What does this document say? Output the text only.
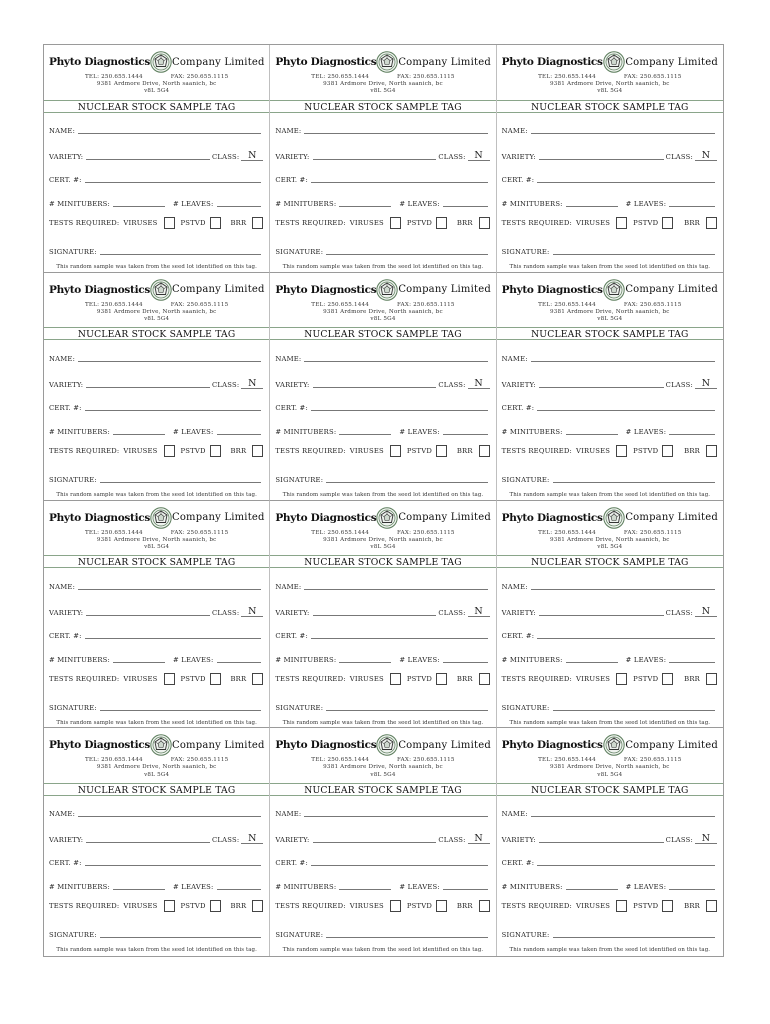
Phyto Diagnostics Company Limited
TEL: 250.655.1444	FAX: 250.655.1115
9381 Ardmore Drive, North saanich, bc
v8L 5G4
NUCLEAR STOCK SAMPLE TAG
NAME:
VARIETY:	CLASS: N
CERT. #:
# MINITUBERS:	# LEAVES:
TESTS REQUIRED: VIRUSES	PSTVD	BRR
SIGNATURE:
This random sample was taken from the seed lot identified on this tag.
Phyto Diagnostics Company Limited
TEL: 250.655.1444	FAX: 250.655.1115
9381 Ardmore Drive, North saanich, bc
v8L 5G4
NUCLEAR STOCK SAMPLE TAG
NAME:
VARIETY:	CLASS: N
CERT. #:
# MINITUBERS:	# LEAVES:
TESTS REQUIRED: VIRUSES	PSTVD	BRR
SIGNATURE:
This random sample was taken from the seed lot identified on this tag.
Phyto Diagnostics Company Limited
TEL: 250.655.1444	FAX: 250.655.1115
9381 Ardmore Drive, North saanich, bc
v8L 5G4
NUCLEAR STOCK SAMPLE TAG
NAME:
VARIETY:	CLASS: N
CERT. #:
# MINITUBERS:	# LEAVES:
TESTS REQUIRED: VIRUSES	PSTVD	BRR
SIGNATURE:
This random sample was taken from the seed lot identified on this tag.
Phyto Diagnostics Company Limited
TEL: 250.655.1444	FAX: 250.655.1115
9381 Ardmore Drive, North saanich, bc
v8L 5G4
NUCLEAR STOCK SAMPLE TAG
NAME:
VARIETY:	CLASS: N
CERT. #:
# MINITUBERS:	# LEAVES:
TESTS REQUIRED: VIRUSES	PSTVD	BRR
SIGNATURE:
This random sample was taken from the seed lot identified on this tag.
Phyto Diagnostics Company Limited
TEL: 250.655.1444	FAX: 250.655.1115
9381 Ardmore Drive, North saanich, bc
v8L 5G4
NUCLEAR STOCK SAMPLE TAG
NAME:
VARIETY:	CLASS: N
CERT. #:
# MINITUBERS:	# LEAVES:
TESTS REQUIRED: VIRUSES	PSTVD	BRR
SIGNATURE:
This random sample was taken from the seed lot identified on this tag.
Phyto Diagnostics Company Limited
TEL: 250.655.1444	FAX: 250.655.1115
9381 Ardmore Drive, North saanich, bc
v8L 5G4
NUCLEAR STOCK SAMPLE TAG
NAME:
VARIETY:	CLASS: N
CERT. #:
# MINITUBERS:	# LEAVES:
TESTS REQUIRED: VIRUSES	PSTVD	BRR
SIGNATURE:
This random sample was taken from the seed lot identified on this tag.
Phyto Diagnostics Company Limited
TEL: 250.655.1444	FAX: 250.655.1115
9381 Ardmore Drive, North saanich, bc
v8L 5G4
NUCLEAR STOCK SAMPLE TAG
NAME:
VARIETY:	CLASS: N
CERT. #:
# MINITUBERS:	# LEAVES:
TESTS REQUIRED: VIRUSES	PSTVD	BRR
SIGNATURE:
This random sample was taken from the seed lot identified on this tag.
Phyto Diagnostics Company Limited
TEL: 250.655.1444	FAX: 250.655.1115
9381 Ardmore Drive, North saanich, bc
v8L 5G4
NUCLEAR STOCK SAMPLE TAG
NAME:
VARIETY:	CLASS: N
CERT. #:
# MINITUBERS:	# LEAVES:
TESTS REQUIRED: VIRUSES	PSTVD	BRR
SIGNATURE:
This random sample was taken from the seed lot identified on this tag.
Phyto Diagnostics Company Limited
TEL: 250.655.1444	FAX: 250.655.1115
9381 Ardmore Drive, North saanich, bc
v8L 5G4
NUCLEAR STOCK SAMPLE TAG
NAME:
VARIETY:	CLASS: N
CERT. #:
# MINITUBERS:	# LEAVES:
TESTS REQUIRED: VIRUSES	PSTVD	BRR
SIGNATURE:
This random sample was taken from the seed lot identified on this tag.
Phyto Diagnostics Company Limited
TEL: 250.655.1444	FAX: 250.655.1115
9381 Ardmore Drive, North saanich, bc
v8L 5G4
NUCLEAR STOCK SAMPLE TAG
NAME:
VARIETY:	CLASS: N
CERT. #:
# MINITUBERS:	# LEAVES:
TESTS REQUIRED: VIRUSES	PSTVD	BRR
SIGNATURE:
This random sample was taken from the seed lot identified on this tag.
Phyto Diagnostics Company Limited
TEL: 250.655.1444	FAX: 250.655.1115
9381 Ardmore Drive, North saanich, bc
v8L 5G4
NUCLEAR STOCK SAMPLE TAG
NAME:
VARIETY:	CLASS: N
CERT. #:
# MINITUBERS:	# LEAVES:
TESTS REQUIRED: VIRUSES	PSTVD	BRR
SIGNATURE:
This random sample was taken from the seed lot identified on this tag.
Phyto Diagnostics Company Limited
TEL: 250.655.1444	FAX: 250.655.1115
9381 Ardmore Drive, North saanich, bc
v8L 5G4
NUCLEAR STOCK SAMPLE TAG
NAME:
VARIETY:	CLASS: N
CERT. #:
# MINITUBERS:	# LEAVES:
TESTS REQUIRED: VIRUSES	PSTVD	BRR
SIGNATURE:
This random sample was taken from the seed lot identified on this tag.
